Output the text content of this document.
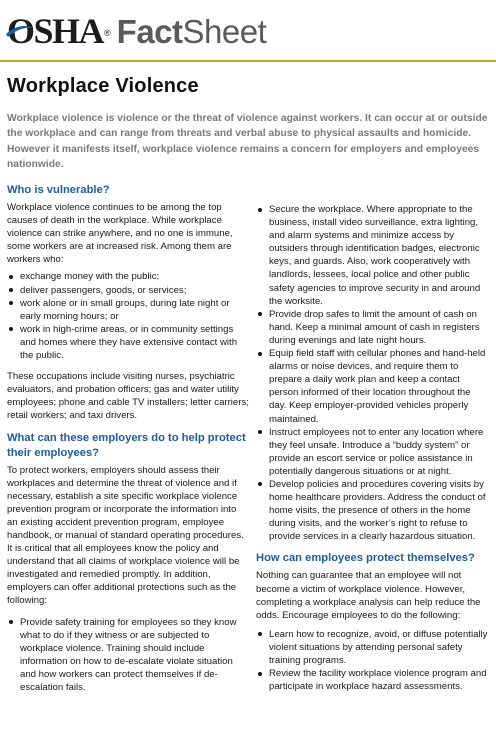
OSHA ® Fact Sheet
Workplace Violence

Workplace violence is violence or the threat of violence against workers. It can occur at or outside the workplace and can range from threats and verbal abuse to physical assaults and homicide. However it manifests itself, workplace violence remains a concern for employers and employees nationwide.

Who is vulnerable?

Workplace violence continues to be among the top causes of death in the workplace. While workplace violence can strike anywhere, and no one is immune, some workers are at increased risk. Among them are workers who:

exchange money with the public;
deliver passengers, goods, or services;
work alone or in small groups, during late night or early morning hours; or
work in high-crime areas, or in community settings and homes where they have extensive contact with the public.

These occupations include visiting nurses, psychiatric evaluators, and probation officers; gas and water utility employees; phone and cable TV installers; letter carriers; retail workers; and taxi drivers.

What can these employers do to help protect their employees?

To protect workers, employers should assess their workplaces and determine the threat of violence and if necessary, establish a site specific workplace violence prevention program or incorporate the information into an existing accident prevention program, employee handbook, or manual of standard operating procedures. It is critical that all employees know the policy and understand that all claims of workplace violence will be investigated and remedied promptly. In addition, employers can offer additional protections such as the following:

Provide safety training for employees so they know what to do if they witness or are subjected to workplace violence. Training should include information on how to de-escalate violate situation and how workers can protect themselves if de-escalation fails.
Secure the workplace. Where appropriate to the business, install video surveillance, extra lighting, and alarm systems and minimize access by outsiders through identification badges, electronic keys, and guards. Also, work cooperatively with landlords, lessees, local police and other public safety agencies to improve security in and around the worksite.
Provide drop safes to limit the amount of cash on hand. Keep a minimal amount of cash in registers during evenings and late night hours.
Equip field staff with cellular phones and hand-held alarms or noise devices, and require them to prepare a daily work plan and keep a contact person informed of their location throughout the day. Keep employer-provided vehicles properly maintained.
Instruct employees not to enter any location where they feel unsafe. Introduce a “buddy system” or provide an escort service or police assistance in potentially dangerous situations or at night.
Develop policies and procedures covering visits by home healthcare providers. Address the conduct of home visits, the presence of others in the home during visits, and the worker’s right to refuse to provide services in a clearly hazardous situation.
How can employees protect themselves?

Nothing can guarantee that an employee will not become a victim of workplace violence. However, completing a workplace analysis can help reduce the odds. Encourage employees to do the following:

Learn how to recognize, avoid, or diffuse potentially violent situations by attending personal safety training programs.
Review the facility workplace violence program and participate in workplace hazard assessments.
